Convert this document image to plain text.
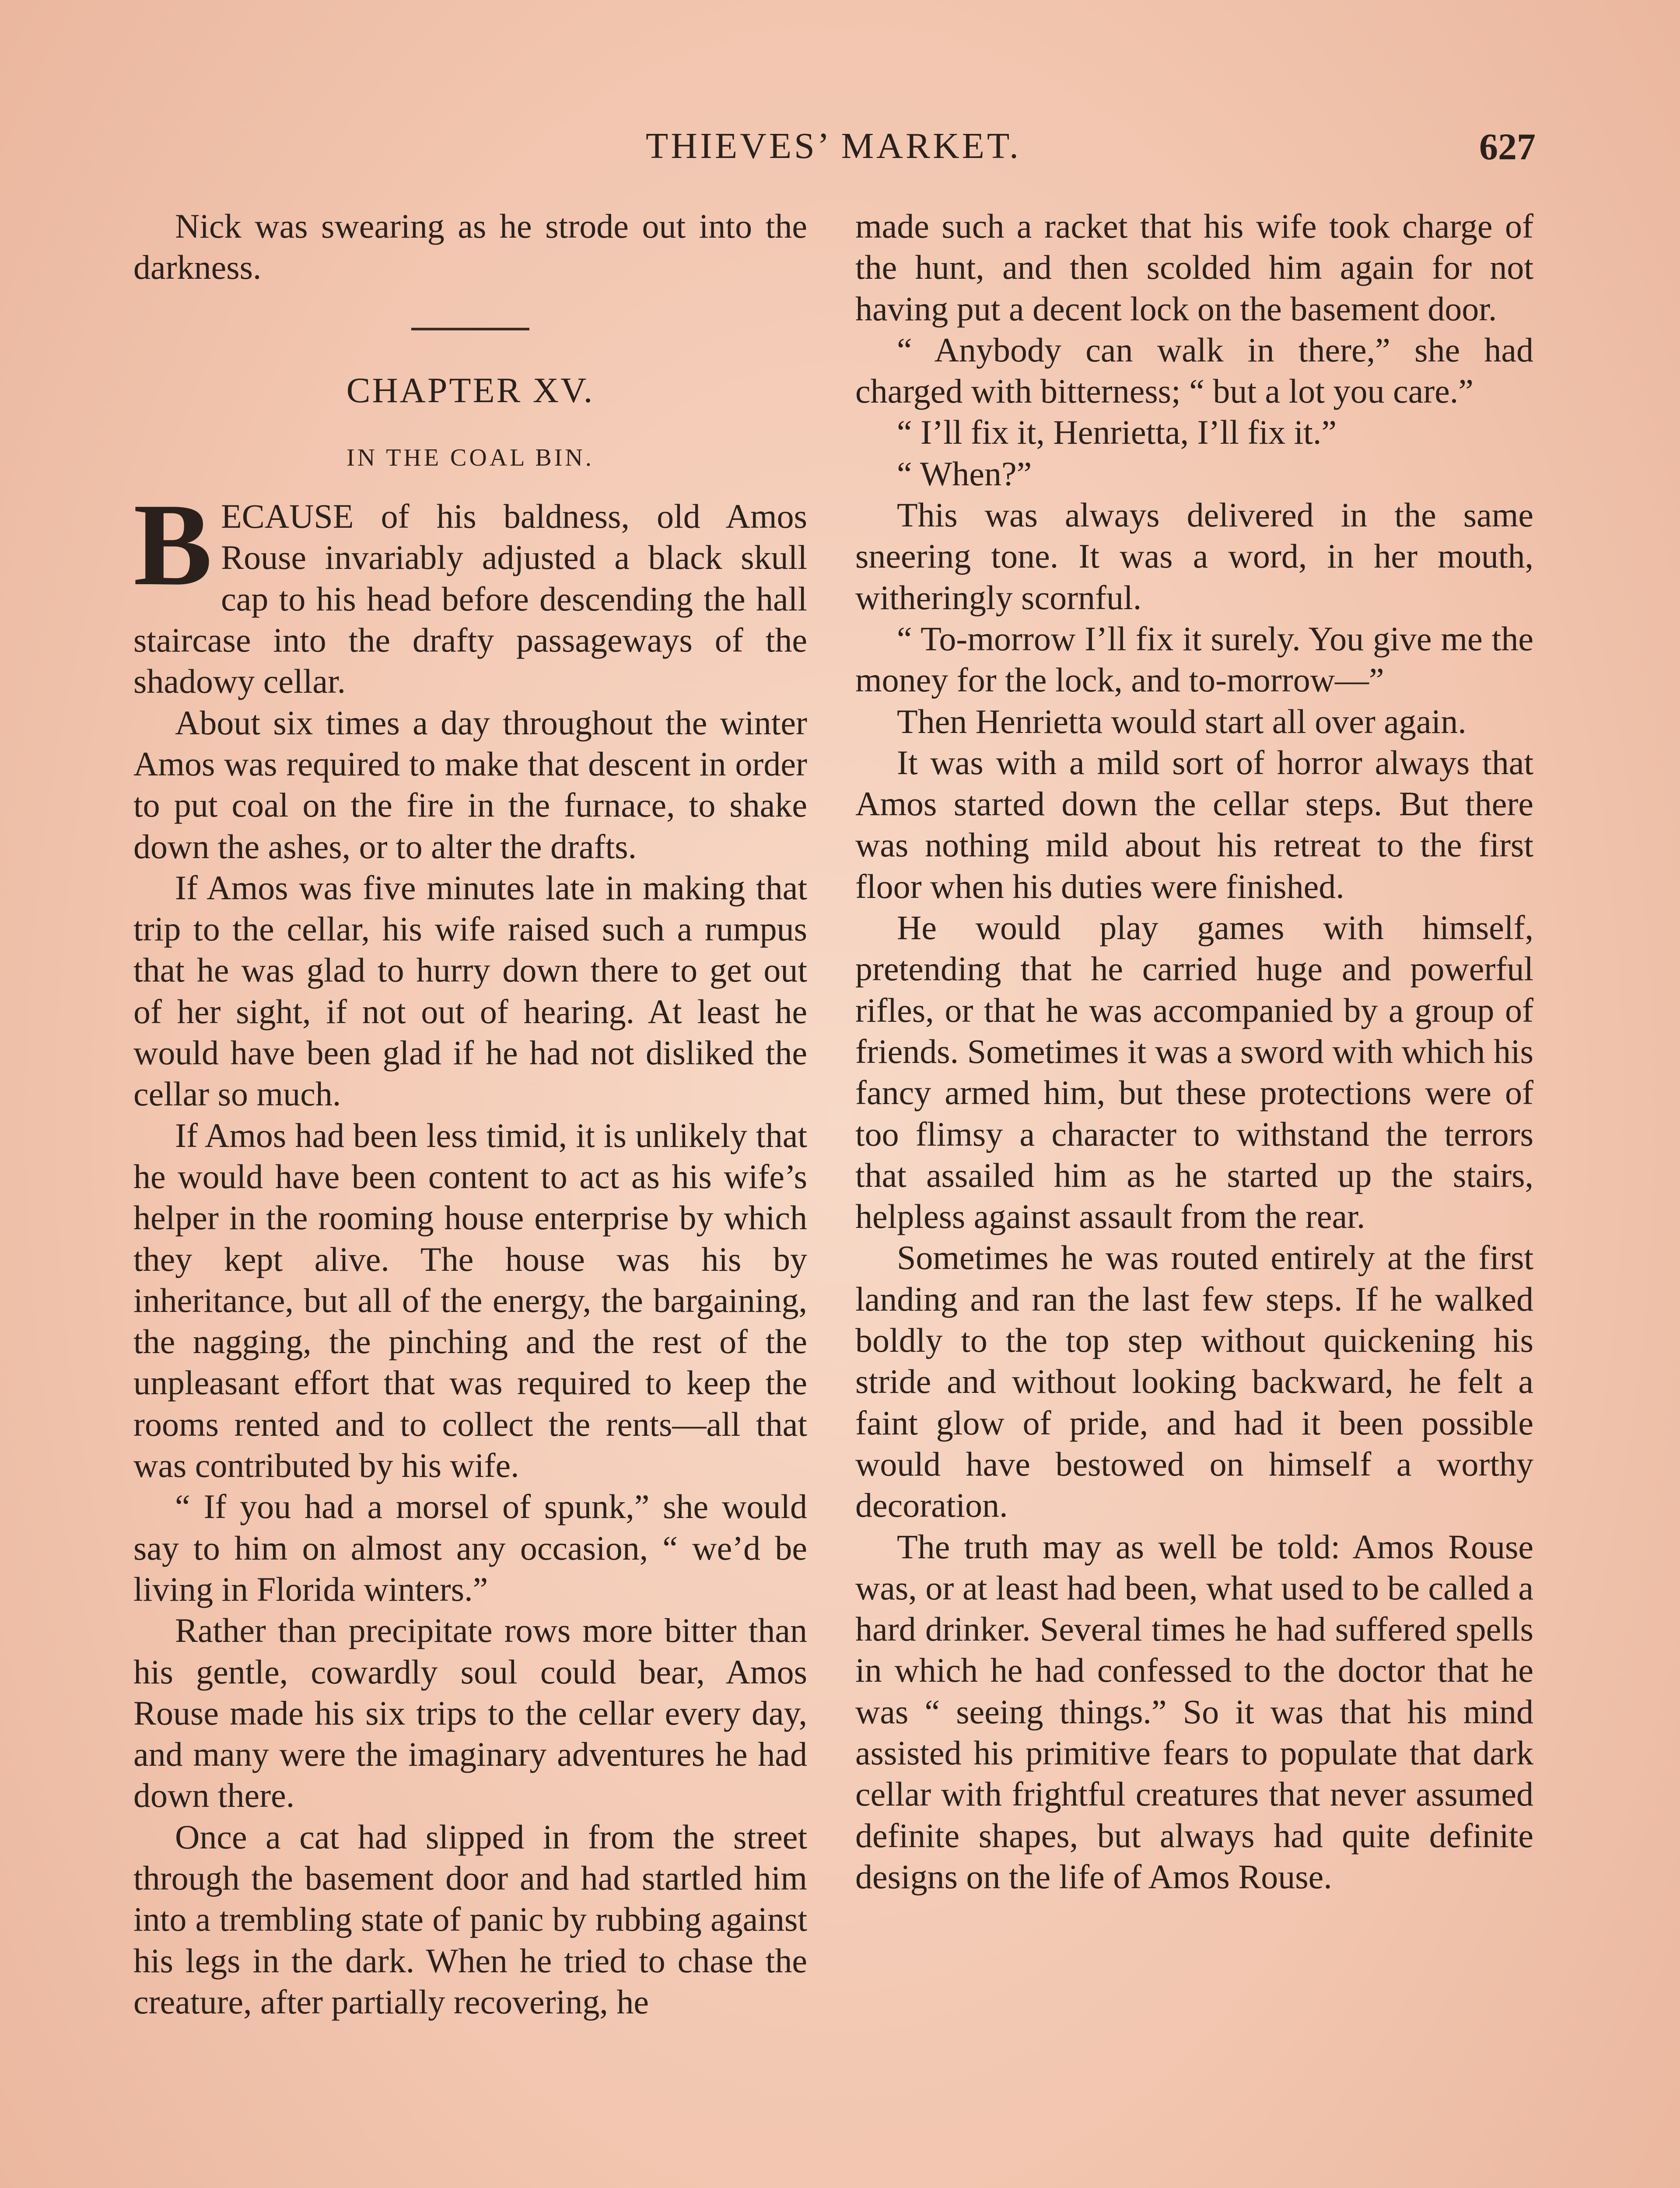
THIEVES’ MARKET.	627

Nick was swearing as he strode out into the darkness.

CHAPTER XV.
IN THE COAL BIN.

BECAUSE of his baldness, old Amos Rouse invariably adjusted a black skull cap to his head before descending the hall staircase into the drafty passageways of the shadowy cellar.

About six times a day throughout the winter Amos was required to make that descent in order to put coal on the fire in the furnace, to shake down the ashes, or to alter the drafts.

If Amos was five minutes late in making that trip to the cellar, his wife raised such a rumpus that he was glad to hurry down there to get out of her sight, if not out of hearing. At least he would have been glad if he had not disliked the cellar so much.

If Amos had been less timid, it is unlikely that he would have been content to act as his wife’s helper in the rooming house enterprise by which they kept alive. The house was his by inheritance, but all of the energy, the bargaining, the nagging, the pinching and the rest of the unpleasant effort that was required to keep the rooms rented and to collect the rents—all that was contributed by his wife.

“ If you had a morsel of spunk,” she would say to him on almost any occasion, “ we’d be living in Florida winters.”

Rather than precipitate rows more bitter than his gentle, cowardly soul could bear, Amos Rouse made his six trips to the cellar every day, and many were the imaginary adventures he had down there.

Once a cat had slipped in from the street through the basement door and had startled him into a trembling state of panic by rubbing against his legs in the dark. When he tried to chase the creature, after partially recovering, he

made such a racket that his wife took charge of the hunt, and then scolded him again for not having put a decent lock on the basement door.

“ Anybody can walk in there,” she had charged with bitterness; “ but a lot you care.”

“ I’ll fix it, Henrietta, I’ll fix it.”

“ When?”

This was always delivered in the same sneering tone. It was a word, in her mouth, witheringly scornful.

“ To-morrow I’ll fix it surely. You give me the money for the lock, and to-morrow—”

Then Henrietta would start all over again.

It was with a mild sort of horror always that Amos started down the cellar steps. But there was nothing mild about his retreat to the first floor when his duties were finished.

He would play games with himself, pretending that he carried huge and powerful rifles, or that he was accompanied by a group of friends. Sometimes it was a sword with which his fancy armed him, but these protections were of too flimsy a character to withstand the terrors that assailed him as he started up the stairs, helpless against assault from the rear.

Sometimes he was routed entirely at the first landing and ran the last few steps. If he walked boldly to the top step without quickening his stride and without looking backward, he felt a faint glow of pride, and had it been possible would have bestowed on himself a worthy decoration.

The truth may as well be told: Amos Rouse was, or at least had been, what used to be called a hard drinker. Several times he had suffered spells in which he had confessed to the doctor that he was “ seeing things.” So it was that his mind assisted his primitive fears to populate that dark cellar with frightful creatures that never assumed definite shapes, but always had quite definite designs on the life of Amos Rouse.
